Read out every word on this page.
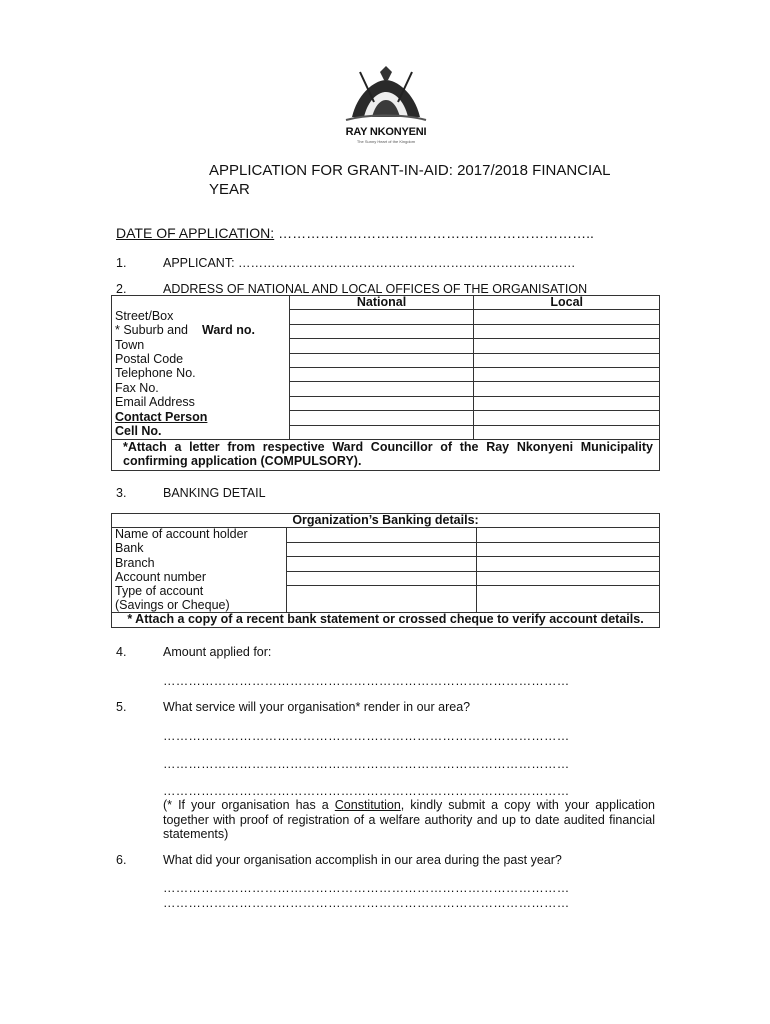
RAY NKONYENI
The Sunny Heart of the Kingdom
APPLICATION FOR GRANT-IN-AID: 2017/2018 FINANCIAL YEAR
DATE OF APPLICATION: …………………………………………………………..
1.	APPLICANT: ………………………………………………………………………
2.	ADDRESS OF NATIONAL AND LOCAL OFFICES OF THE ORGANISATION
	National	Local
Street/Box		
* Suburb and Ward no.		
Town		
Postal Code		
Telephone No.		
Fax No.		
Email Address		
Contact Person		
Cell No.		
*Attach a letter from respective Ward Councillor of the Ray Nkonyeni Municipality confirming application (COMPULSORY).		
3.	BANKING DETAIL
Organization’s Banking details:		
Name of account holder		
Bank		
Branch		
Account number		

Type of account
(Savings or Cheque)		

* Attach a copy of a recent bank statement or crossed cheque to verify account details.		
4.	Amount applied for:
……………………………………………………………………………………
5.	What service will your organisation* render in our area?
……………………………………………………………………………………
……………………………………………………………………………………
……………………………………………………………………………………
(* If your organisation has a Constitution, kindly submit a copy with your application together with proof of registration of a welfare authority and up to date audited financial statements)
6.	What did your organisation accomplish in our area during the past year?
……………………………………………………………………………………
……………………………………………………………………………………
